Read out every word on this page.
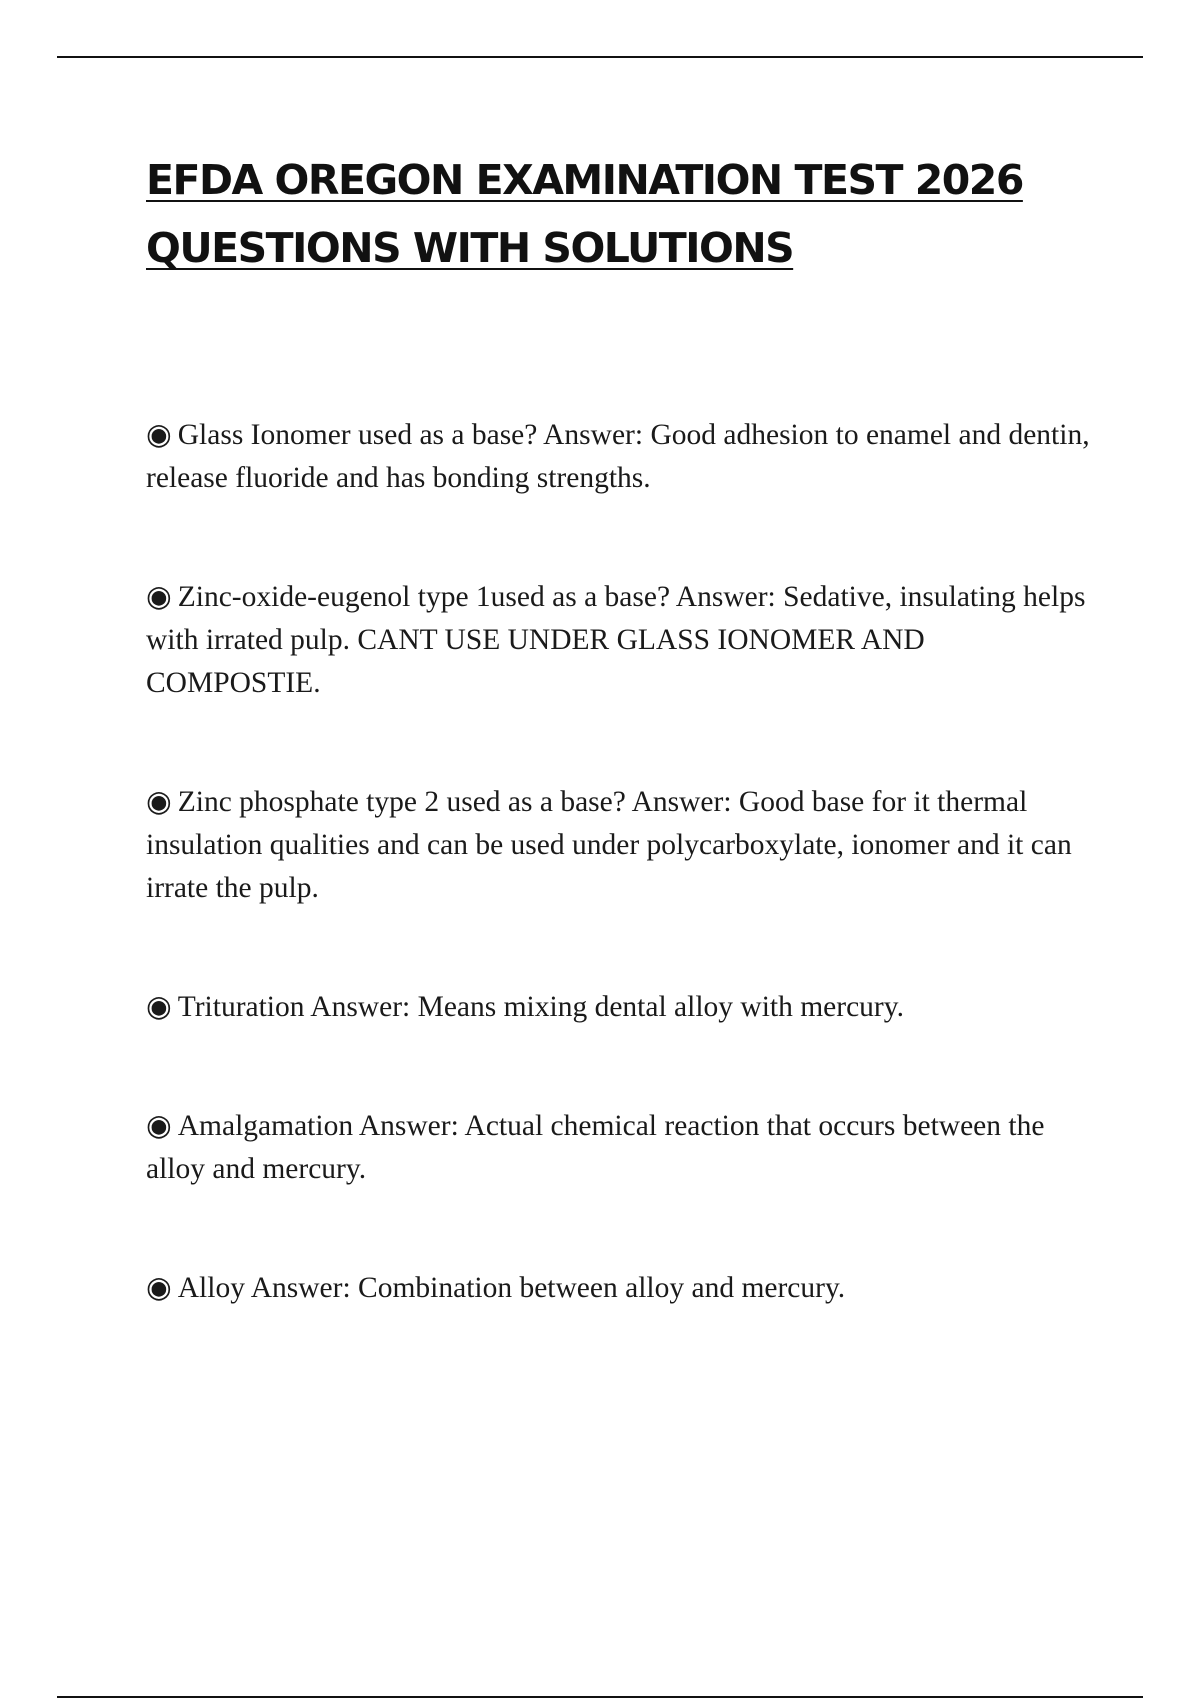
EFDA OREGON EXAMINATION TEST 2026
QUESTIONS WITH SOLUTIONS
◉ Glass Ionomer used as a base? Answer: Good adhesion to enamel and dentin, release fluoride and has bonding strengths.
◉ Zinc-oxide-eugenol type 1used as a base? Answer: Sedative, insulating helps with irrated pulp. CANT USE UNDER GLASS IONOMER AND COMPOSTIE.
◉ Zinc phosphate type 2 used as a base? Answer: Good base for it thermal insulation qualities and can be used under polycarboxylate, ionomer and it can irrate the pulp.
◉ Trituration Answer: Means mixing dental alloy with mercury.
◉ Amalgamation Answer: Actual chemical reaction that occurs between the alloy and mercury.
◉ Alloy Answer: Combination between alloy and mercury.
